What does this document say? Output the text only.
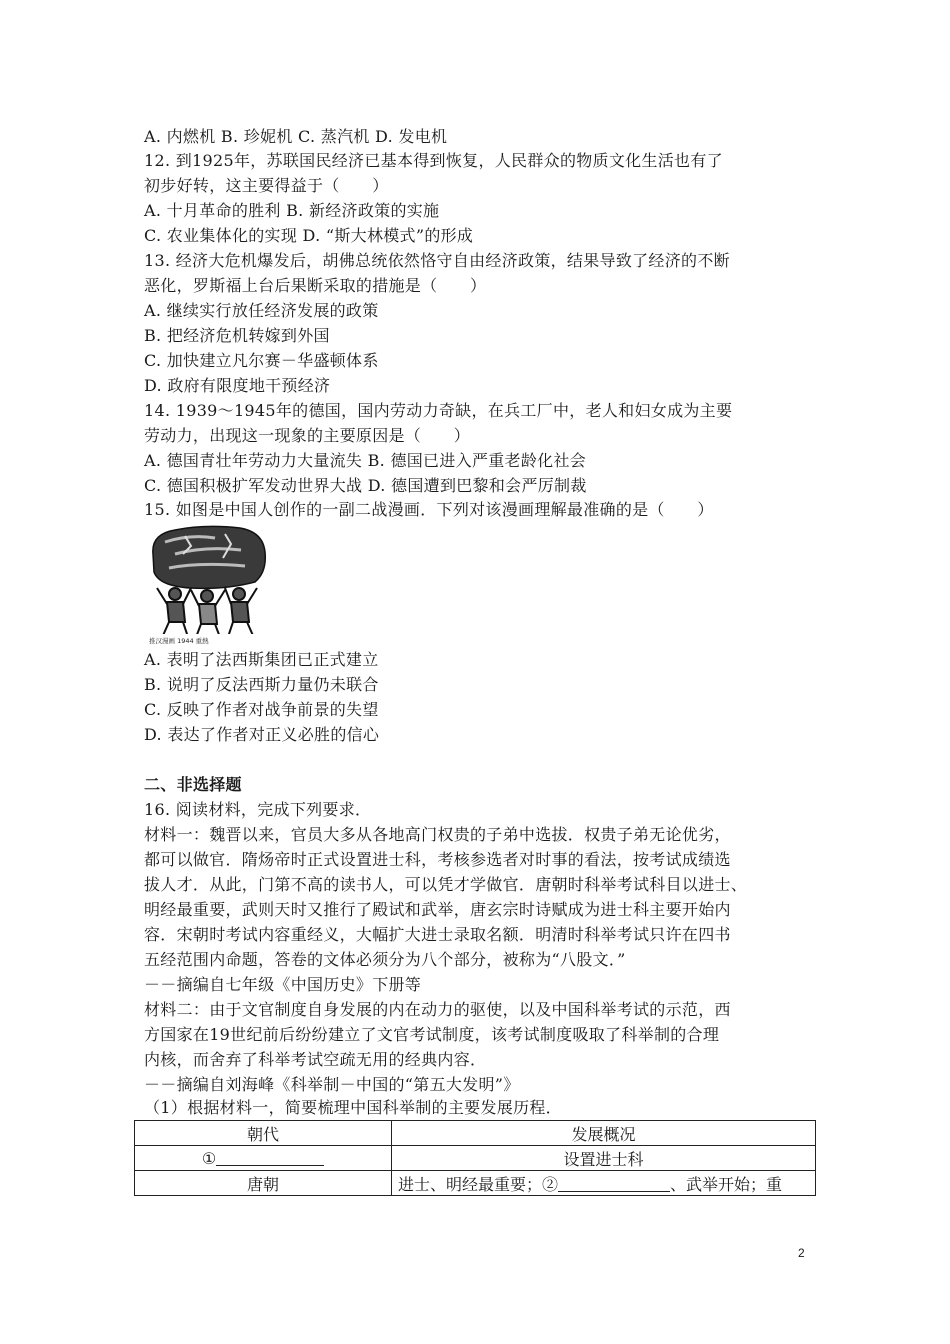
A. 内燃机 B. 珍妮机 C. 蒸汽机 D. 发电机
12. 到1925年，苏联国民经济已基本得到恢复，人民群众的物质文化生活也有了
初步好转，这主要得益于（　　）
A. 十月革命的胜利 B. 新经济政策的实施
C. 农业集体化的实现 D. “斯大林模式”的形成
13. 经济大危机爆发后，胡佛总统依然恪守自由经济政策，结果导致了经济的不断
恶化，罗斯福上台后果断采取的措施是（　　）
A. 继续实行放任经济发展的政策
B. 把经济危机转嫁到外国
C. 加快建立凡尔赛－华盛顿体系
D. 政府有限度地干预经济
14. 1939～1945年的德国，国内劳动力奇缺，在兵工厂中，老人和妇女成为主要
劳动力，出现这一现象的主要原因是（　　）
A. 德国青壮年劳动力大量流失 B. 德国已进入严重老龄化社会
C. 德国积极扩军发动世界大战 D. 德国遭到巴黎和会严厉制裁
15. 如图是中国人创作的一副二战漫画．下列对该漫画理解最准确的是（　　）
推汉漫画 1944 重熱
A. 表明了法西斯集团已正式建立
B. 说明了反法西斯力量仍未联合
C. 反映了作者对战争前景的失望
D. 表达了作者对正义必胜的信心
二、非选择题
16. 阅读材料，完成下列要求．
材料一：魏晋以来，官员大多从各地高门权贵的子弟中选拔．权贵子弟无论优劣，
都可以做官．隋炀帝时正式设置进士科，考核参选者对时事的看法，按考试成绩选
拔人才．从此，门第不高的读书人，可以凭才学做官．唐朝时科举考试科目以进士、
明经最重要，武则天时又推行了殿试和武举，唐玄宗时诗赋成为进士科主要开始内
容．宋朝时考试内容重经义，大幅扩大进士录取名额．明清时科举考试只许在四书
五经范围内命题，答卷的文体必须分为八个部分，被称为“八股文．”
－－摘编自七年级《中国历史》下册等
材料二：由于文官制度自身发展的内在动力的驱使，以及中国科举考试的示范，西
方国家在19世纪前后纷纷建立了文官考试制度，该考试制度吸取了科举制的合理
内核，而舍弃了科举考试空疏无用的经典内容．
－－摘编自刘海峰《科举制－中国的“第五大发明”》
（1）根据材料一，简要梳理中国科举制的主要发展历程．
朝代	发展概况
①	设置进士科
唐朝	进士、明经最重要；② 、武举开始；重
2
